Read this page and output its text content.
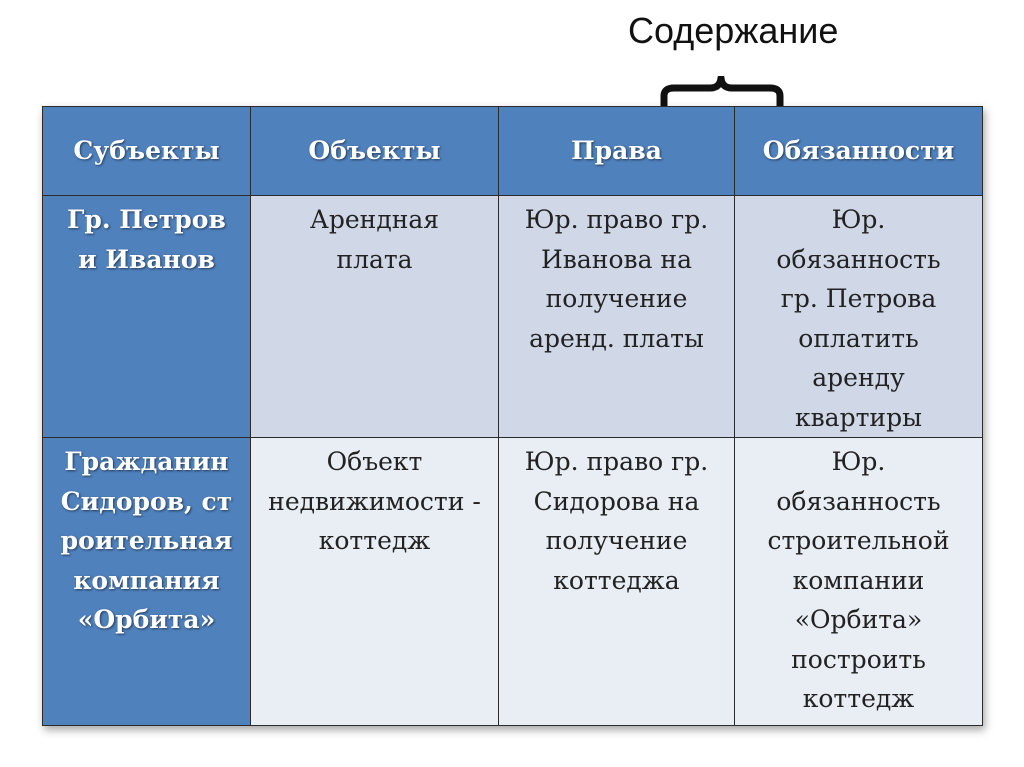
Содержание
Субъекты	Объекты	Права	Обязанности

Гр. Петров и Иванов	Арендная плата	Юр. право гр. Иванова на получение аренд. платы	Юр. обязанность гр. Петрова оплатить аренду квартиры

Гражданин Сидоров, строительная компания «Орбита»	Объект недвижимости - коттедж	Юр. право гр. Сидорова на получение коттеджа	Юр. обязанность строительной компании «Орбита» построить коттедж
